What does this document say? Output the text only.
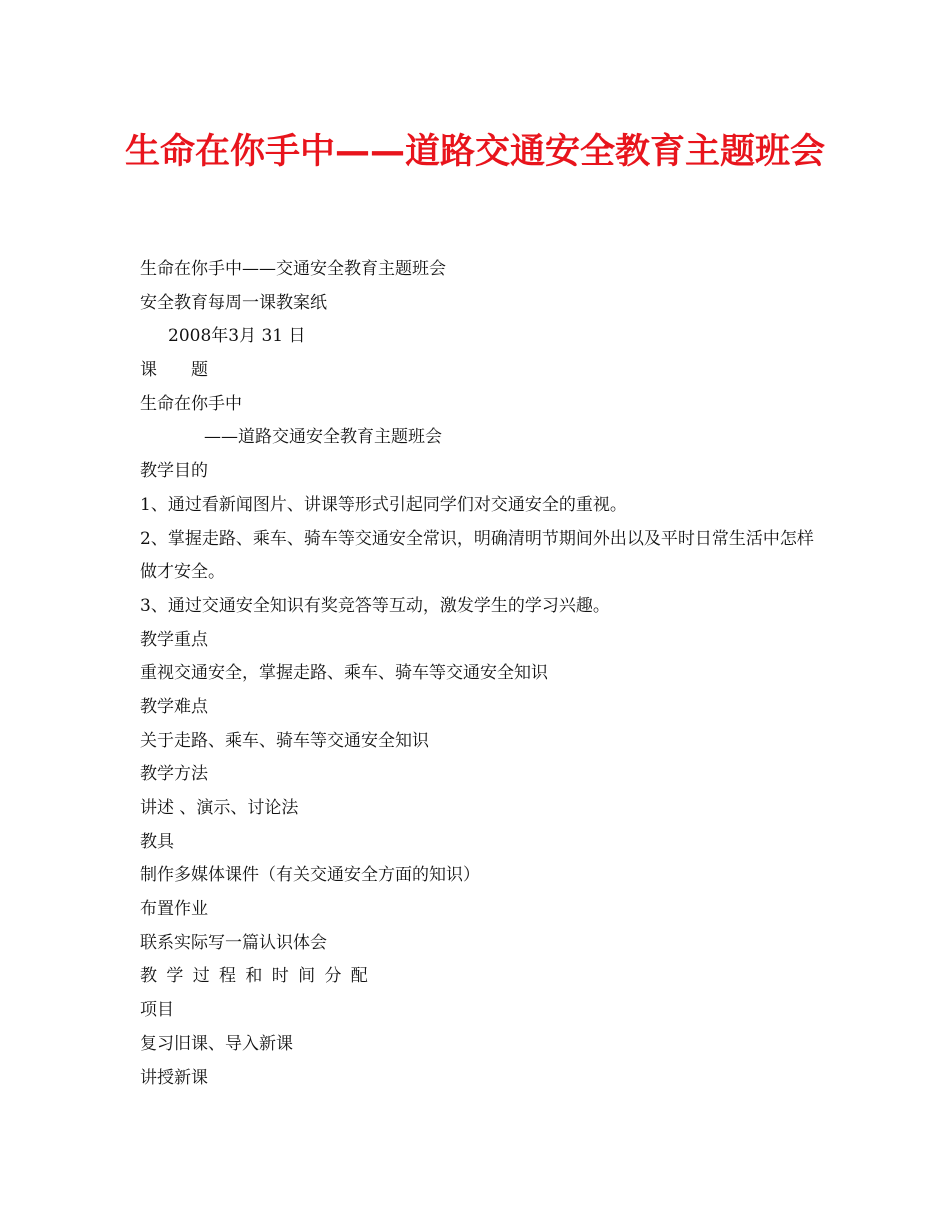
生命在你手中——道路交通安全教育主题班会
生命在你手中——交通安全教育主题班会
安全教育每周一课教案纸
2008年3月 31 日
课　　题
生命在你手中
——道路交通安全教育主题班会
教学目的
1、通过看新闻图片、讲课等形式引起同学们对交通安全的重视。
2、掌握走路、乘车、骑车等交通安全常识，明确清明节期间外出以及平时日常生活中怎样做才安全。
3、通过交通安全知识有奖竞答等互动，激发学生的学习兴趣。
教学重点
重视交通安全，掌握走路、乘车、骑车等交通安全知识
教学难点
关于走路、乘车、骑车等交通安全知识
教学方法
讲述 、演示、讨论法
教具
制作多媒体课件（有关交通安全方面的知识）
布置作业
联系实际写一篇认识体会
教学过程和时间分配
项目
复习旧课、导入新课
讲授新课
